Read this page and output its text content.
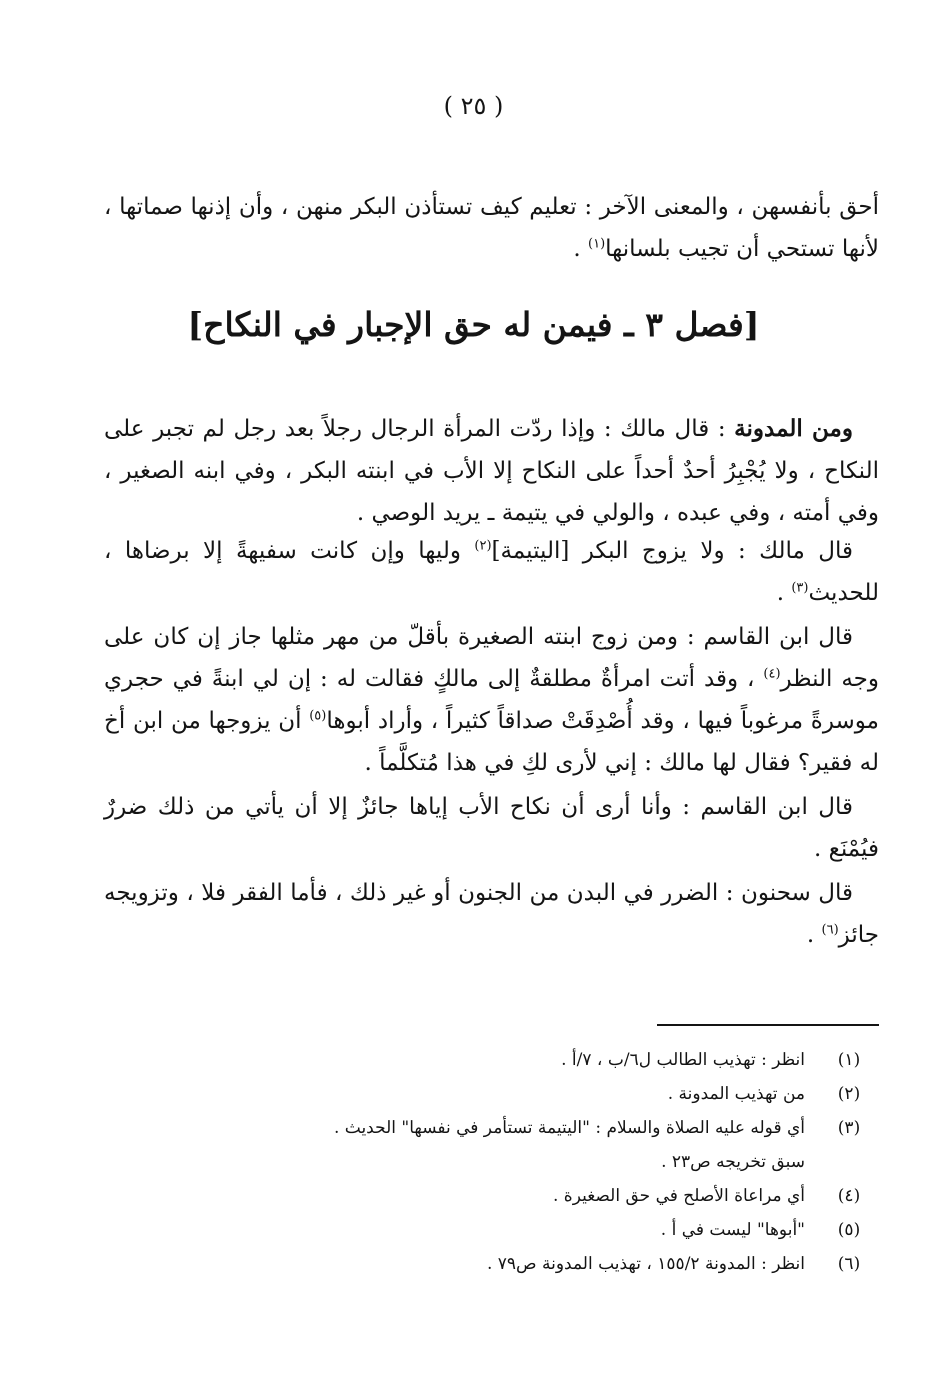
( ٢٥ )

أحق بأنفسهن ، والمعنى الآخر : تعليم كيف تستأذن البكر منهن ، وأن إذنها صماتها ، لأنها تستحي أن تجيب بلسانها$^{(١)}$ .

[فصل ٣ ـ فيمن له حق الإجبار في النكاح]

ومن المدونة : قال مالك : وإذا ردّت المرأة الرجال رجلاً بعد رجل لم تجبر على النكاح ، ولا يُجْبِرُ أحدٌ أحداً على النكاح إلا الأب في ابنته البكر ، وفي ابنه الصغير ، وفي أمته ، وفي عبده ، والولي في يتيمة ـ يريد الوصي .

قال مالك : ولا يزوج البكر [اليتيمة]$^{(٢)}$ وليها وإن كانت سفيهةً إلا برضاها ، للحديث$^{(٣)}$ .

قال ابن القاسم : ومن زوج ابنته الصغيرة بأقلّ من مهر مثلها جاز إن كان على وجه النظر$^{(٤)}$ ، وقد أتت امرأةٌ مطلقةٌ إلى مالكٍ فقالت له : إن لي ابنةً في حجري موسرةً مرغوباً فيها ، وقد أُصْدِقَتْ صداقاً كثيراً ، وأراد أبوها$^{(٥)}$ أن يزوجها من ابن أخ له فقير؟ فقال لها مالك : إني لأرى لكِ في هذا مُتكلَّماً .

قال ابن القاسم : وأنا أرى أن نكاح الأب إياها جائزٌ إلا أن يأتي من ذلك ضررٌ فيُمْنَع .

قال سحنون : الضرر في البدن من الجنون أو غير ذلك ، فأما الفقر فلا ، وتزويجه جائز$^{(٦)}$ .

(١)
انظر : تهذيب الطالب ل٦/ب ، ٧/أ .
(٢)
من تهذيب المدونة .
(٣)
أي قوله عليه الصلاة والسلام : "اليتيمة تستأمر في نفسها" الحديث .
سبق تخريجه ص٢٣ .
(٤)
أي مراعاة الأصلح في حق الصغيرة .
(٥)
"أبوها" ليست في أ .
(٦)
انظر : المدونة ١٥٥/٢ ، تهذيب المدونة ص٧٩ .
